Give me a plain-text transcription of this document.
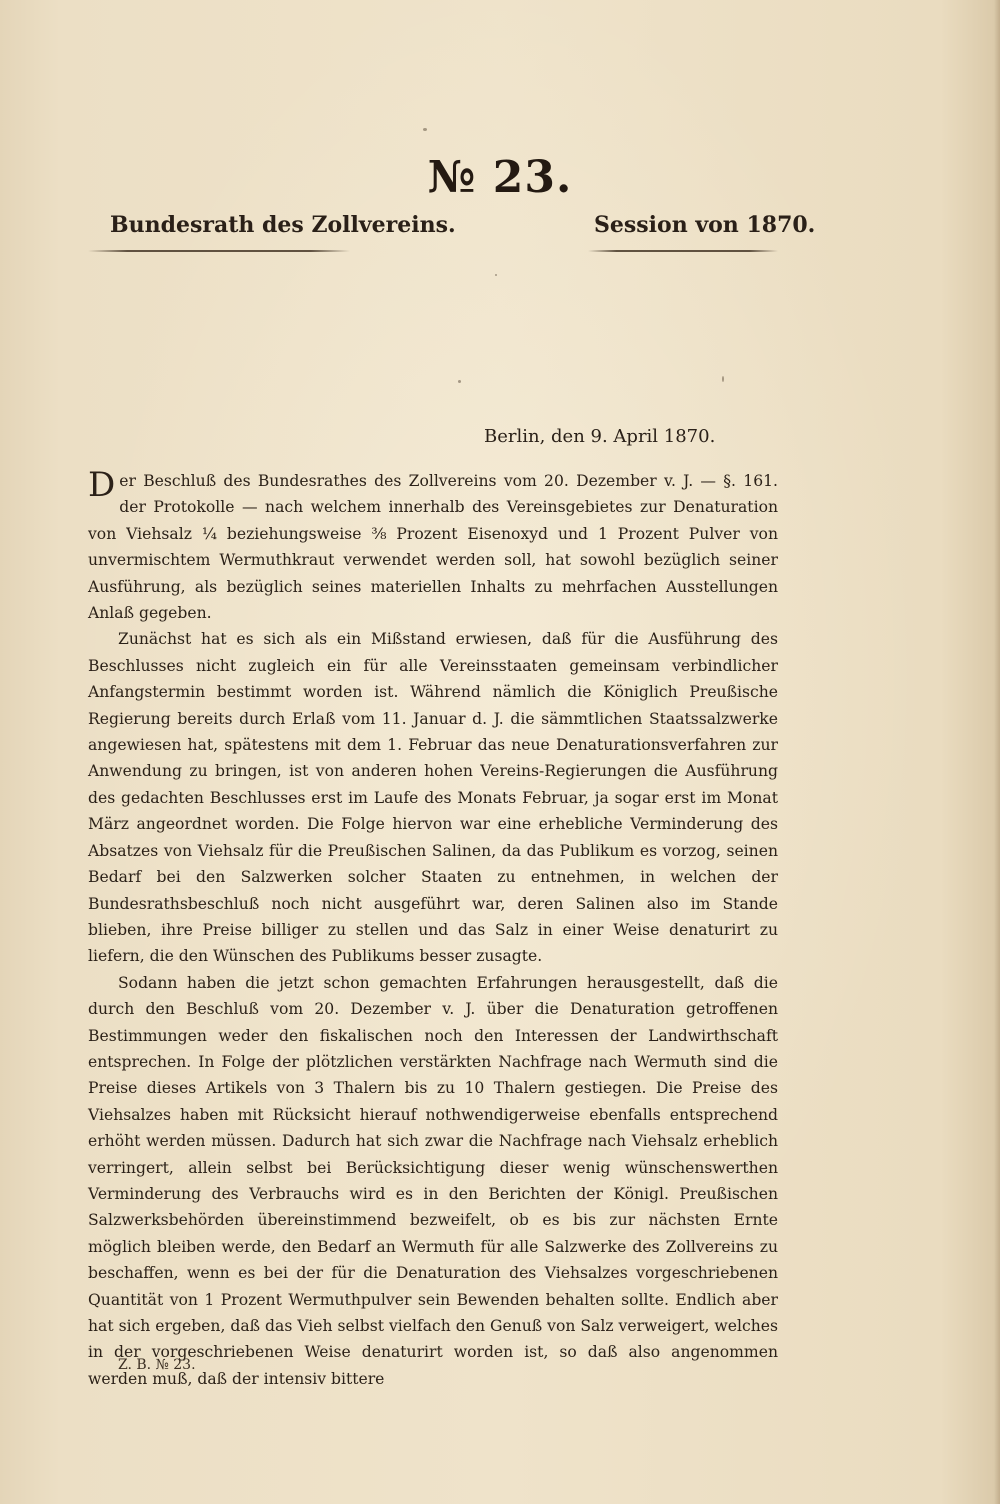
№ 23.
Bundesrath des Zollvereins.	Session von 1870.
Berlin, den 9. April 1870.

Der Beschluß des Bundesrathes des Zollvereins vom 20. Dezember v. J. — §. 161. der Protokolle — nach welchem innerhalb des Vereinsgebietes zur Denaturation von Viehsalz ¼ beziehungsweise ⅜ Prozent Eisenoxyd und 1 Prozent Pulver von unvermischtem Wermuthkraut verwendet werden soll, hat sowohl bezüglich seiner Ausführung, als bezüglich seines materiellen Inhalts zu mehrfachen Ausstellungen Anlaß gegeben.

Zunächst hat es sich als ein Mißstand erwiesen, daß für die Ausführung des Beschlusses nicht zugleich ein für alle Vereinsstaaten gemeinsam verbindlicher Anfangstermin bestimmt worden ist. Während nämlich die Königlich Preußische Regierung bereits durch Erlaß vom 11. Januar d. J. die sämmtlichen Staatssalzwerke angewiesen hat, spätestens mit dem 1. Februar das neue Denaturationsverfahren zur Anwendung zu bringen, ist von anderen hohen Vereins-Regierungen die Ausführung des gedachten Beschlusses erst im Laufe des Monats Februar, ja sogar erst im Monat März angeordnet worden. Die Folge hiervon war eine erhebliche Verminderung des Absatzes von Viehsalz für die Preußischen Salinen, da das Publikum es vorzog, seinen Bedarf bei den Salzwerken solcher Staaten zu entnehmen, in welchen der Bundesrathsbeschluß noch nicht ausgeführt war, deren Salinen also im Stande blieben, ihre Preise billiger zu stellen und das Salz in einer Weise denaturirt zu liefern, die den Wünschen des Publikums besser zusagte.

Sodann haben die jetzt schon gemachten Erfahrungen herausgestellt, daß die durch den Beschluß vom 20. Dezember v. J. über die Denaturation getroffenen Bestimmungen weder den fiskalischen noch den Interessen der Landwirthschaft entsprechen. In Folge der plötzlichen verstärkten Nachfrage nach Wermuth sind die Preise dieses Artikels von 3 Thalern bis zu 10 Thalern gestiegen. Die Preise des Viehsalzes haben mit Rücksicht hierauf nothwendigerweise ebenfalls entsprechend erhöht werden müssen. Dadurch hat sich zwar die Nachfrage nach Viehsalz erheblich verringert, allein selbst bei Berücksichtigung dieser wenig wünschenswerthen Verminderung des Verbrauchs wird es in den Berichten der Königl. Preußischen Salzwerksbehörden übereinstimmend bezweifelt, ob es bis zur nächsten Ernte möglich bleiben werde, den Bedarf an Wermuth für alle Salzwerke des Zollvereins zu beschaffen, wenn es bei der für die Denaturation des Viehsalzes vorgeschriebenen Quantität von 1 Prozent Wermuthpulver sein Bewenden behalten sollte. Endlich aber hat sich ergeben, daß das Vieh selbst vielfach den Genuß von Salz verweigert, welches in der vorgeschriebenen Weise denaturirt worden ist, so daß also angenommen werden muß, daß der intensiv bittere

Z. B. № 23.
